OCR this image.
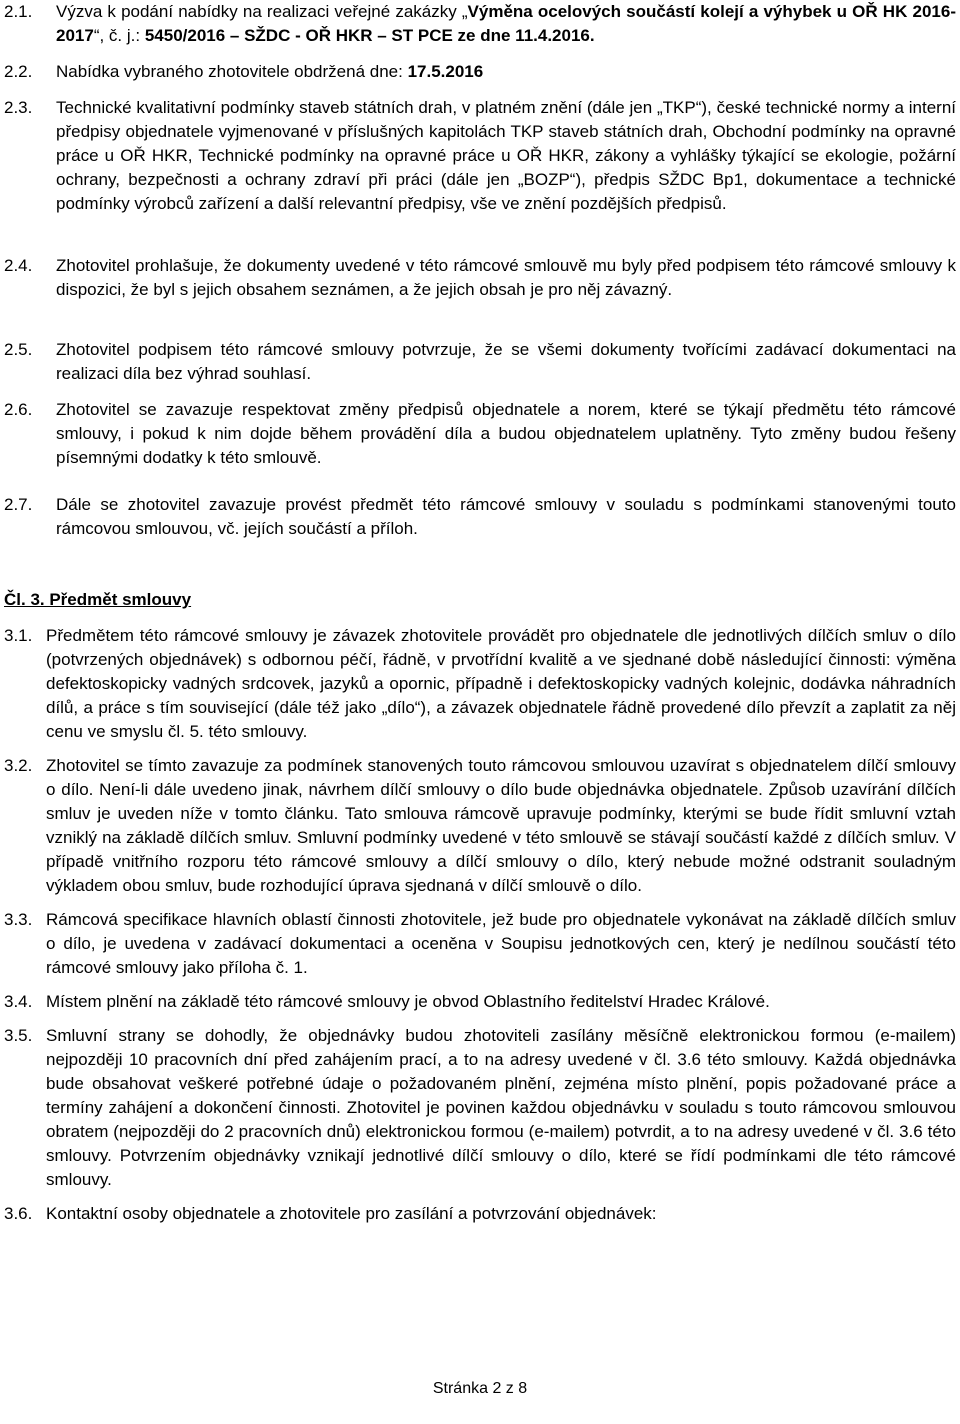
2.1. Výzva k podání nabídky na realizaci veřejné zakázky „Výměna ocelových součástí kolejí a výhybek u OŘ HK 2016-2017“, č. j.: 5450/2016 – SŽDC - OŘ HKR – ST PCE ze dne 11.4.2016.
2.2. Nabídka vybraného zhotovitele obdržená dne: 17.5.2016
2.3. Technické kvalitativní podmínky staveb státních drah, v platném znění (dále jen „TKP“), české technické normy a interní předpisy objednatele vyjmenované v příslušných kapitolách TKP staveb státních drah, Obchodní podmínky na opravné práce u OŘ HKR, Technické podmínky na opravné práce u OŘ HKR, zákony a vyhlášky týkající se ekologie, požární ochrany, bezpečnosti a ochrany zdraví při práci (dále jen „BOZP“), předpis SŽDC Bp1, dokumentace a technické podmínky výrobců zařízení a další relevantní předpisy, vše ve znění pozdějších předpisů.
2.4. Zhotovitel prohlašuje, že dokumenty uvedené v této rámcové smlouvě mu byly před podpisem této rámcové smlouvy k dispozici, že byl s jejich obsahem seznámen, a že jejich obsah je pro něj závazný.
2.5. Zhotovitel podpisem této rámcové smlouvy potvrzuje, že se všemi dokumenty tvořícími zadávací dokumentaci na realizaci díla bez výhrad souhlasí.
2.6. Zhotovitel se zavazuje respektovat změny předpisů objednatele a norem, které se týkají předmětu této rámcové smlouvy, i pokud k nim dojde během provádění díla a budou objednatelem uplatněny. Tyto změny budou řešeny písemnými dodatky k této smlouvě.
2.7. Dále se zhotovitel zavazuje provést předmět této rámcové smlouvy v souladu s podmínkami stanovenými touto rámcovou smlouvou, vč. jejích součástí a příloh.
Čl. 3. Předmět smlouvy
3.1. Předmětem této rámcové smlouvy je závazek zhotovitele provádět pro objednatele dle jednotlivých dílčích smluv o dílo (potvrzených objednávek) s odbornou péčí, řádně, v prvotřídní kvalitě a ve sjednané době následující činnosti: výměna defektoskopicky vadných srdcovek, jazyků a opornic, případně i defektoskopicky vadných kolejnic, dodávka náhradních dílů, a práce s tím související (dále též jako „dílo“), a závazek objednatele řádně provedené dílo převzít a zaplatit za něj cenu ve smyslu čl. 5. této smlouvy.
3.2. Zhotovitel se tímto zavazuje za podmínek stanovených touto rámcovou smlouvou uzavírat s objednatelem dílčí smlouvy o dílo. Není-li dále uvedeno jinak, návrhem dílčí smlouvy o dílo bude objednávka objednatele. Způsob uzavírání dílčích smluv je uveden níže v tomto článku. Tato smlouva rámcově upravuje podmínky, kterými se bude řídit smluvní vztah vzniklý na základě dílčích smluv. Smluvní podmínky uvedené v této smlouvě se stávají součástí každé z dílčích smluv. V případě vnitřního rozporu této rámcové smlouvy a dílčí smlouvy o dílo, který nebude možné odstranit souladným výkladem obou smluv, bude rozhodující úprava sjednaná v dílčí smlouvě o dílo.
3.3. Rámcová specifikace hlavních oblastí činnosti zhotovitele, jež bude pro objednatele vykonávat na základě dílčích smluv o dílo, je uvedena v zadávací dokumentaci a oceněna v Soupisu jednotkových cen, který je nedílnou součástí této rámcové smlouvy jako příloha č. 1.
3.4. Místem plnění na základě této rámcové smlouvy je obvod Oblastního ředitelství Hradec Králové.
3.5. Smluvní strany se dohodly, že objednávky budou zhotoviteli zasílány měsíčně elektronickou formou (e-mailem) nejpozději 10 pracovních dní před zahájením prací, a to na adresy uvedené v čl. 3.6 této smlouvy. Každá objednávka bude obsahovat veškeré potřebné údaje o požadovaném plnění, zejména místo plnění, popis požadované práce a termíny zahájení a dokončení činnosti. Zhotovitel je povinen každou objednávku v souladu s touto rámcovou smlouvou obratem (nejpozději do 2 pracovních dnů) elektronickou formou (e-mailem) potvrdit, a to na adresy uvedené v čl. 3.6 této smlouvy. Potvrzením objednávky vznikají jednotlivé dílčí smlouvy o dílo, které se řídí podmínkami dle této rámcové smlouvy.
3.6. Kontaktní osoby objednatele a zhotovitele pro zasílání a potvrzování objednávek:
Stránka 2 z 8
